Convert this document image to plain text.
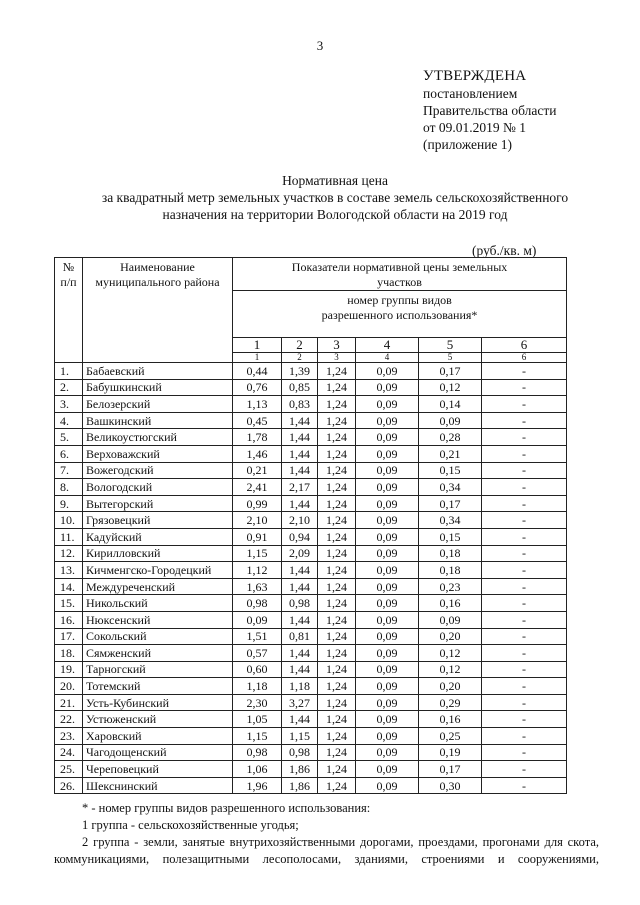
3
УТВЕРЖДЕНА
постановлением
Правительства области
от 09.01.2019 № 1
(приложение 1)
Нормативная цена
за квадратный метр земельных участков в составе земель сельскохозяйственного
назначения на территории Вологодской области на 2019 год
(руб./кв. м)
№ п/п	Наименование муниципального района	Показатели нормативной цены земельных участков						
		номер группы видов разрешенного использования*						
		1	2	3	4	5	6	
		1	2	3	4	5	6		
1.	Бабаевский	0,44	1,39	1,24	0,09	0,17	-	
2.	Бабушкинский	0,76	0,85	1,24	0,09	0,12	-	
3.	Белозерский	1,13	0,83	1,24	0,09	0,14	-	
4.	Вашкинский	0,45	1,44	1,24	0,09	0,09	-	
5.	Великоустюгский	1,78	1,44	1,24	0,09	0,28	-	
6.	Верховажский	1,46	1,44	1,24	0,09	0,21	-	
7.	Вожегодский	0,21	1,44	1,24	0,09	0,15	-	
8.	Вологодский	2,41	2,17	1,24	0,09	0,34	-	
9.	Вытегорский	0,99	1,44	1,24	0,09	0,17	-	
10.	Грязовецкий	2,10	2,10	1,24	0,09	0,34	-	
11.	Кадуйский	0,91	0,94	1,24	0,09	0,15	-	
12.	Кирилловский	1,15	2,09	1,24	0,09	0,18	-	
13.	Кичменгско-Городецкий	1,12	1,44	1,24	0,09	0,18	-	
14.	Междуреченский	1,63	1,44	1,24	0,09	0,23	-	
15.	Никольский	0,98	0,98	1,24	0,09	0,16	-	
16.	Нюксенский	0,09	1,44	1,24	0,09	0,09	-	
17.	Сокольский	1,51	0,81	1,24	0,09	0,20	-	
18.	Сямженский	0,57	1,44	1,24	0,09	0,12	-	
19.	Тарногский	0,60	1,44	1,24	0,09	0,12	-	
20.	Тотемский	1,18	1,18	1,24	0,09	0,20	-	
21.	Усть-Кубинский	2,30	3,27	1,24	0,09	0,29	-	
22.	Устюженский	1,05	1,44	1,24	0,09	0,16	-	
23.	Харовский	1,15	1,15	1,24	0,09	0,25	-	
24.	Чагодощенский	0,98	0,98	1,24	0,09	0,19	-	
25.	Череповецкий	1,06	1,86	1,24	0,09	0,17	-	
26.	Шекснинский	1,96	1,86	1,24	0,09	0,30	-	

* - номер группы видов разрешенного использования:

1 группа - сельскохозяйственные угодья;

2 группа - земли, занятые внутрихозяйственными дорогами, проездами, прогонами для скота,

коммуникациями, полезащитными лесополосами, зданиями, строениями и сооружениями,
